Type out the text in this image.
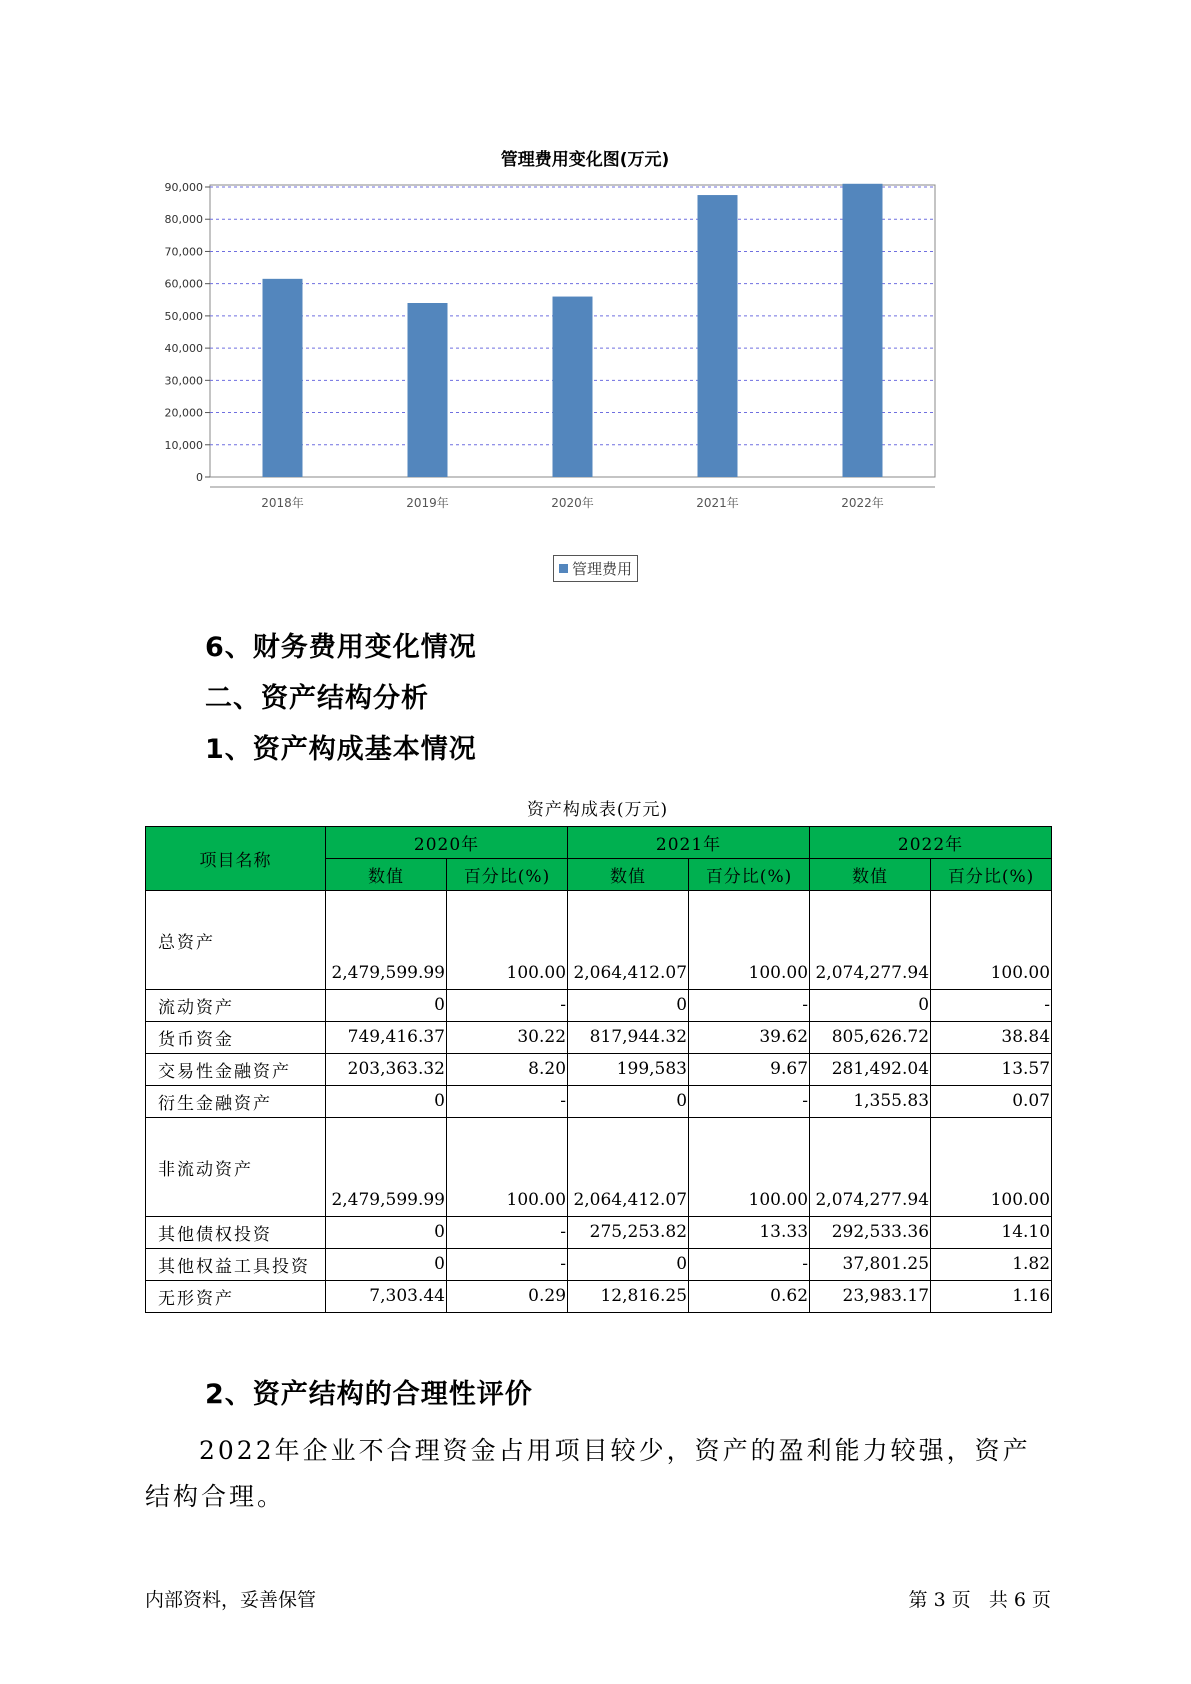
管理费用变化图(万元)
0
10,000
20,000
30,000
40,000
50,000
60,000
70,000
80,000
90,000
2018年	2019年	2020年	2021年	2022年
管理费用
6、财务费用变化情况
二、资产结构分析
1、资产构成基本情况
资产构成表(万元)
项目名称	2020年		2021年		2022年	
	数值	百分比(%)	数值	百分比(%)	数值	百分比(%)
总资产	2,479,599.99	100.00	2,064,412.07	100.00	2,074,277.94	100.00
流动资产	0	-	0	-	0	-
货币资金	749,416.37	30.22	817,944.32	39.62	805,626.72	38.84
交易性金融资产	203,363.32	8.20	199,583	9.67	281,492.04	13.57
衍生金融资产	0	-	0	-	1,355.83	0.07
非流动资产	2,479,599.99	100.00	2,064,412.07	100.00	2,074,277.94	100.00
其他债权投资	0	-	275,253.82	13.33	292,533.36	14.10
其他权益工具投资	0	-	0	-	37,801.25	1.82
无形资产	7,303.44	0.29	12,816.25	0.62	23,983.17	1.16
2、资产结构的合理性评价
2022年企业不合理资金占用项目较少，资产的盈利能力较强，资产结构合理。
内部资料，妥善保管	第 3 页   共 6 页
